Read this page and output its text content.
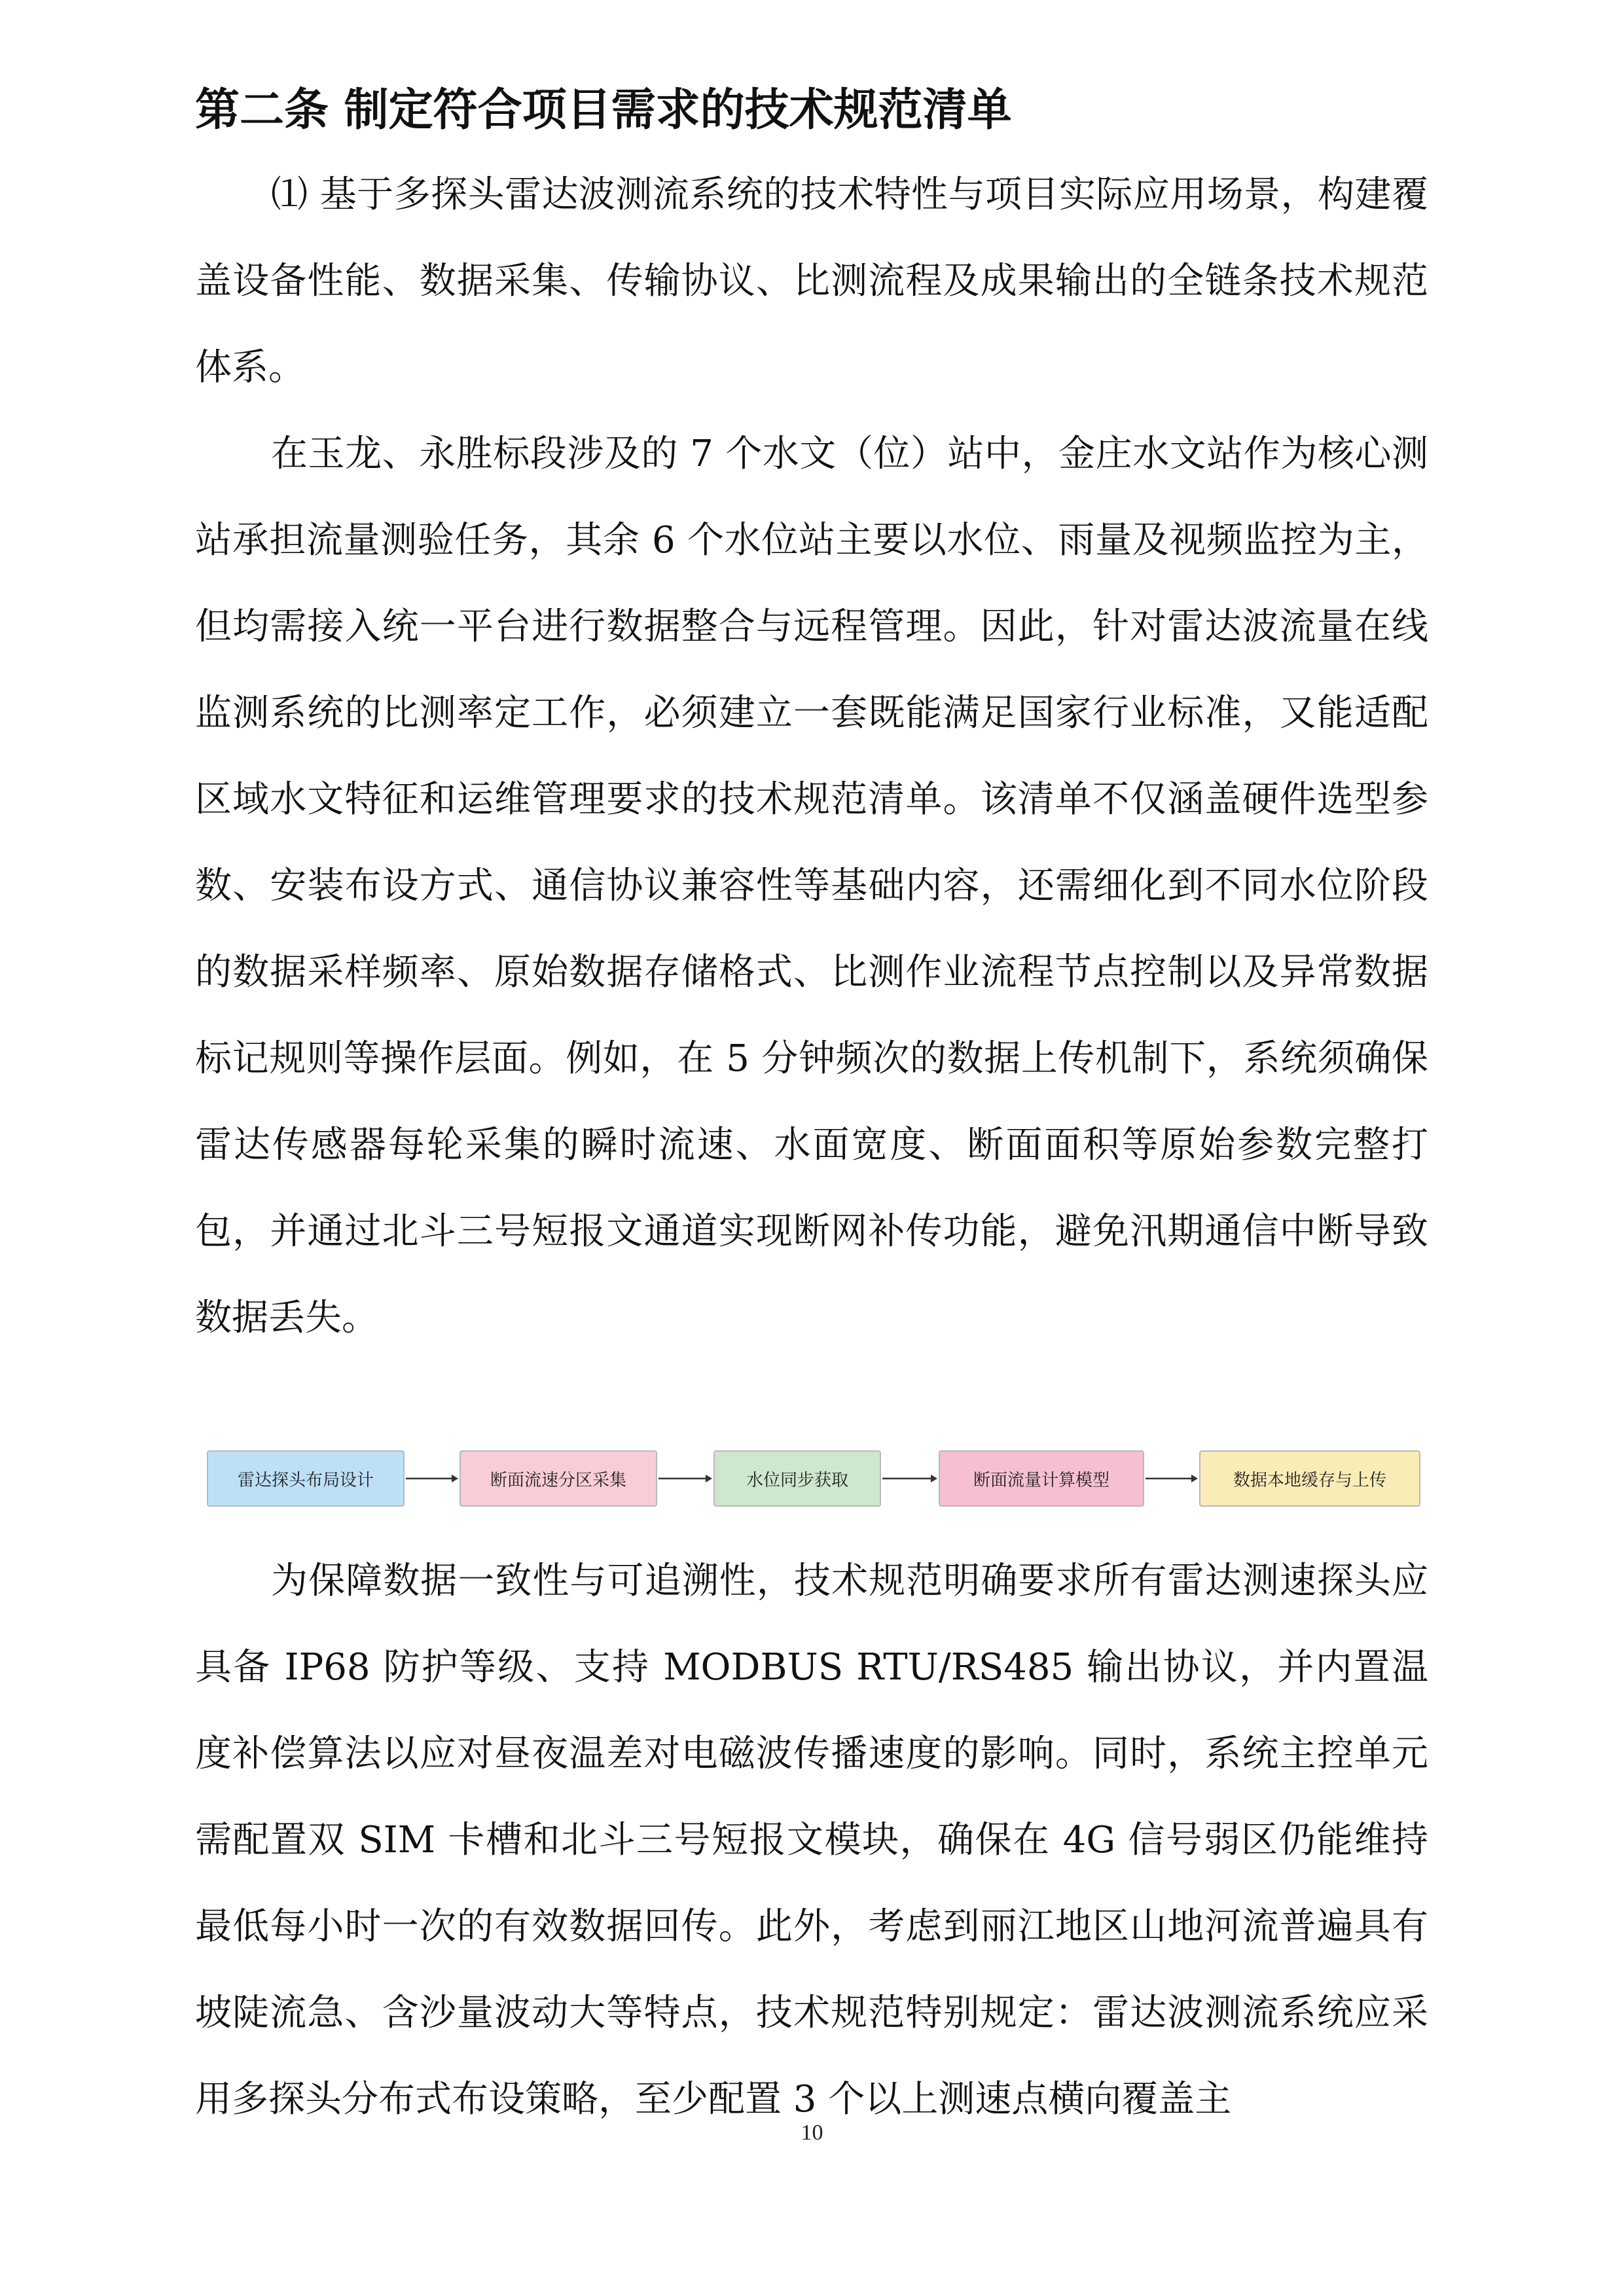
第二条 制定符合项目需求的技术规范清单

⑴ 基于多探头雷达波测流系统的技术特性与项目实际应用场景，构建覆盖设备性能、数据采集、传输协议、比测流程及成果输出的全链条技术规范体系。

在玉龙、永胜标段涉及的 7 个水文（位）站中，金庄水文站作为核心测站承担流量测验任务，其余 6 个水位站主要以水位、雨量及视频监控为主，但均需接入统一平台进行数据整合与远程管理。因此，针对雷达波流量在线监测系统的比测率定工作，必须建立一套既能满足国家行业标准，又能适配区域水文特征和运维管理要求的技术规范清单。该清单不仅涵盖硬件选型参数、安装布设方式、通信协议兼容性等基础内容，还需细化到不同水位阶段的数据采样频率、原始数据存储格式、比测作业流程节点控制以及异常数据标记规则等操作层面。例如，在 5 分钟频次的数据上传机制下，系统须确保雷达传感器每轮采集的瞬时流速、水面宽度、断面面积等原始参数完整打包，并通过北斗三号短报文通道实现断网补传功能，避免汛期通信中断导致数据丢失。

雷达探头布局设计	断面流速分区采集	水位同步获取	断面流量计算模型	数据本地缓存与上传

为保障数据一致性与可追溯性，技术规范明确要求所有雷达测速探头应具备 IP68 防护等级、支持 MODBUS RTU/RS485 输出协议，并内置温度补偿算法以应对昼夜温差对电磁波传播速度的影响。同时，系统主控单元需配置双 SIM 卡槽和北斗三号短报文模块，确保在 4G 信号弱区仍能维持最低每小时一次的有效数据回传。此外，考虑到丽江地区山地河流普遍具有坡陡流急、含沙量波动大等特点，技术规范特别规定：雷达波测流系统应采用多探头分布式布设策略，至少配置 3 个以上测速点横向覆盖主

10
